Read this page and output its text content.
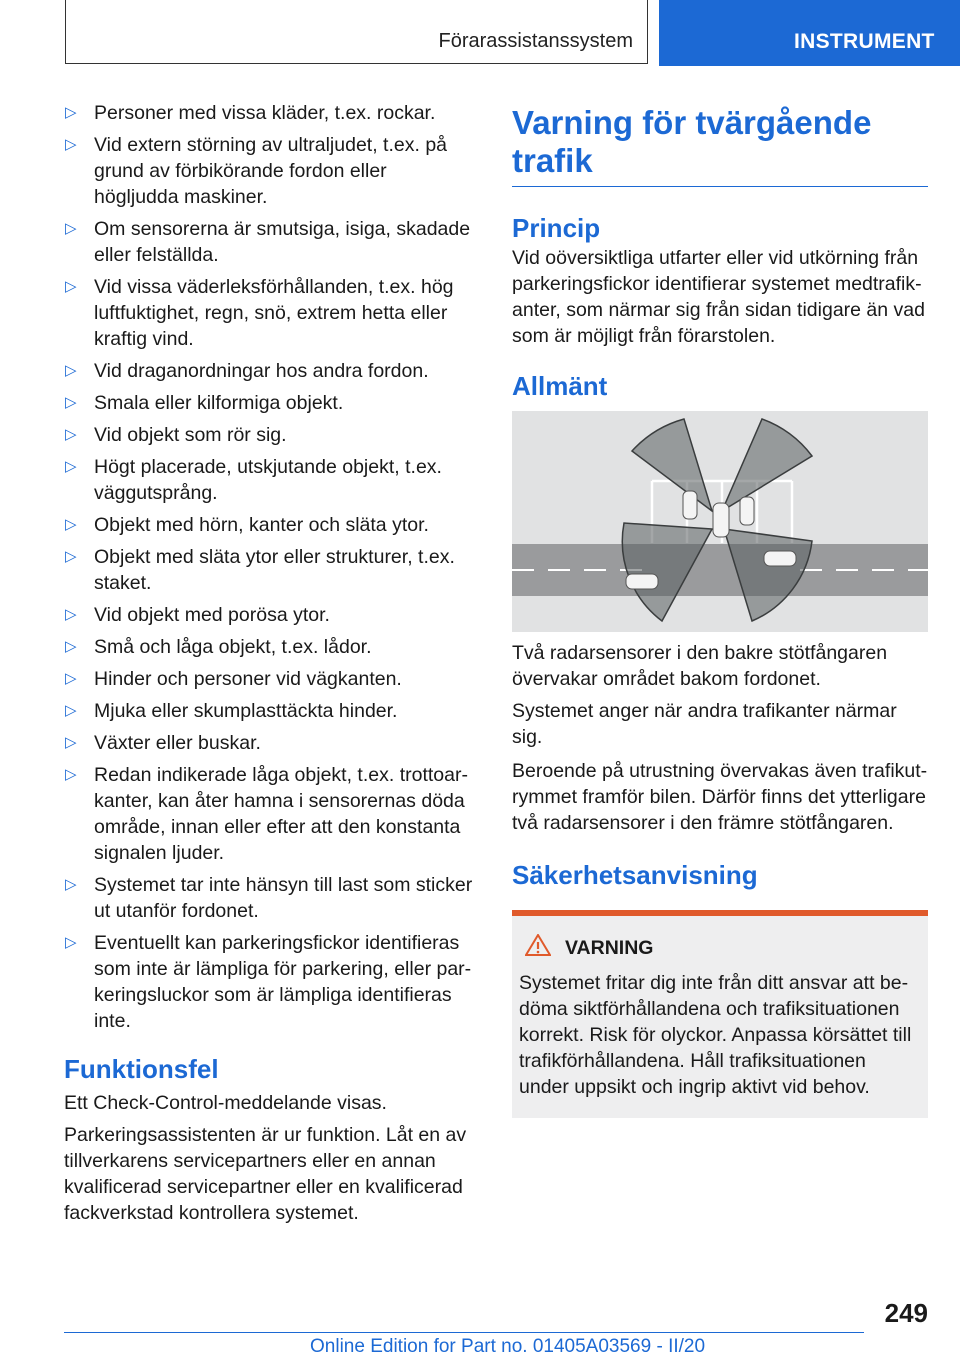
Förarassistanssystem	INSTRUMENT
▷ Personer med vissa kläder, t.ex. rockar.
▷ Vid extern störning av ultraljudet, t.ex. på grund av förbikörande fordon eller högljudda maskiner.
▷ Om sensorerna är smutsiga, isiga, skadade eller felställda.
▷ Vid vissa väderleksförhållanden, t.ex. hög luftfuktighet, regn, snö, extrem hetta eller kraftig vind.
▷ Vid draganordningar hos andra fordon.
▷ Smala eller kilformiga objekt.
▷ Vid objekt som rör sig.
▷ Högt placerade, utskjutande objekt, t.ex. väggutsprång.
▷ Objekt med hörn, kanter och släta ytor.
▷ Objekt med släta ytor eller strukturer, t.ex. staket.
▷ Vid objekt med porösa ytor.
▷ Små och låga objekt, t.ex. lådor.
▷ Hinder och personer vid vägkanten.
▷ Mjuka eller skumplasttäckta hinder.
▷ Växter eller buskar.
▷ Redan indikerade låga objekt, t.ex. trottoarkanter, kan åter hamna i sensorernas döda område, innan eller efter att den konstanta signalen ljuder.
▷ Systemet tar inte hänsyn till last som sticker ut utanför fordonet.
▷ Eventuellt kan parkeringsfickor identifieras som inte är lämpliga för parkering, eller parkeringsluckor som är lämpliga identifieras inte.
Funktionsfel

Ett Check-Control-meddelande visas.

Parkeringsassistenten är ur funktion. Låt en av tillverkarens servicepartners eller en annan kvalificerad servicepartner eller en kvalificerad fackverkstad kontrollera systemet.

Varning för tvärgående trafik
Princip

Vid oöversiktliga utfarter eller vid utkörning från parkeringsfickor identifierar systemet medtrafikanter, som närmar sig från sidan tidigare än vad som är möjligt från förarstolen.

Allmänt

Två radarsensorer i den bakre stötfångaren övervakar området bakom fordonet.

Systemet anger när andra trafikanter närmar sig.

Beroende på utrustning övervakas även trafikutrymmet framför bilen. Därför finns det ytterligare två radarsensorer i den främre stötfångaren.

Säkerhetsanvisning
VARNING

Systemet fritar dig inte från ditt ansvar att bedöma siktförhållandena och trafiksituationen korrekt. Risk för olyckor. Anpassa körsättet till trafikförhållandena. Håll trafiksituationen under uppsikt och ingrip aktivt vid behov.

249
Online Edition for Part no. 01405A03569 - II/20
